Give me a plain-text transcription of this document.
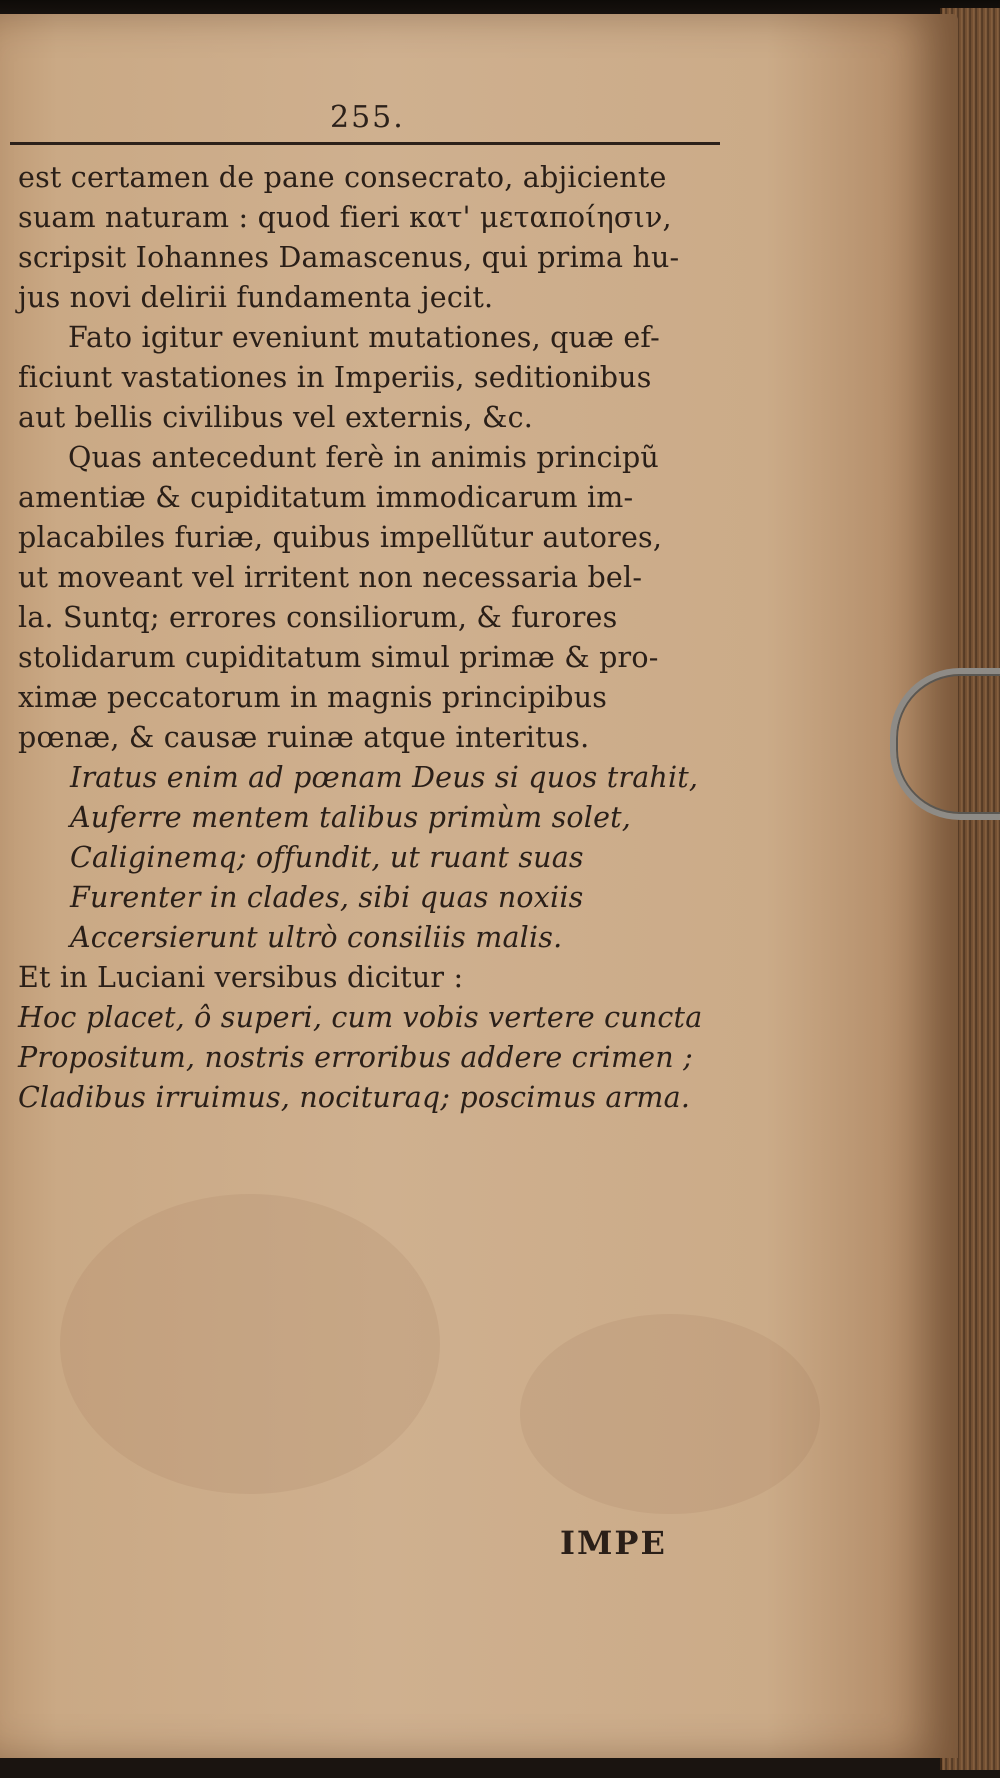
255.
est certamen de pane consecrato, abjiciente
suam naturam : quod fieri κατ' μεταποίησιν,
scripsit Iohannes Damascenus, qui prima hu-
jus novi delirii fundamenta jecit.
Fato igitur eveniunt mutationes, quæ ef-
ficiunt vastationes in Imperiis, seditionibus
aut bellis civilibus vel externis, &c.
Quas antecedunt ferè in animis principũ
amentiæ & cupiditatum immodicarum im-
placabiles furiæ, quibus impellũtur autores,
ut moveant vel irritent non necessaria bel-
la. Suntq; errores consiliorum, & furores
stolidarum cupiditatum simul primæ & pro-
ximæ peccatorum in magnis principibus
pœnæ, & causæ ruinæ atque interitus.
Iratus enim ad pœnam Deus si quos trahit,
Auferre mentem talibus primùm solet,
Caliginemq; offundit, ut ruant suas
Furenter in clades, sibi quas noxiis
Accersierunt ultrò consiliis malis.
Et in Luciani versibus dicitur :
Hoc placet, ô superi, cum vobis vertere cuncta
Propositum, nostris erroribus addere crimen ;
Cladibus irruimus, nocituraq; poscimus arma.
IMPE
